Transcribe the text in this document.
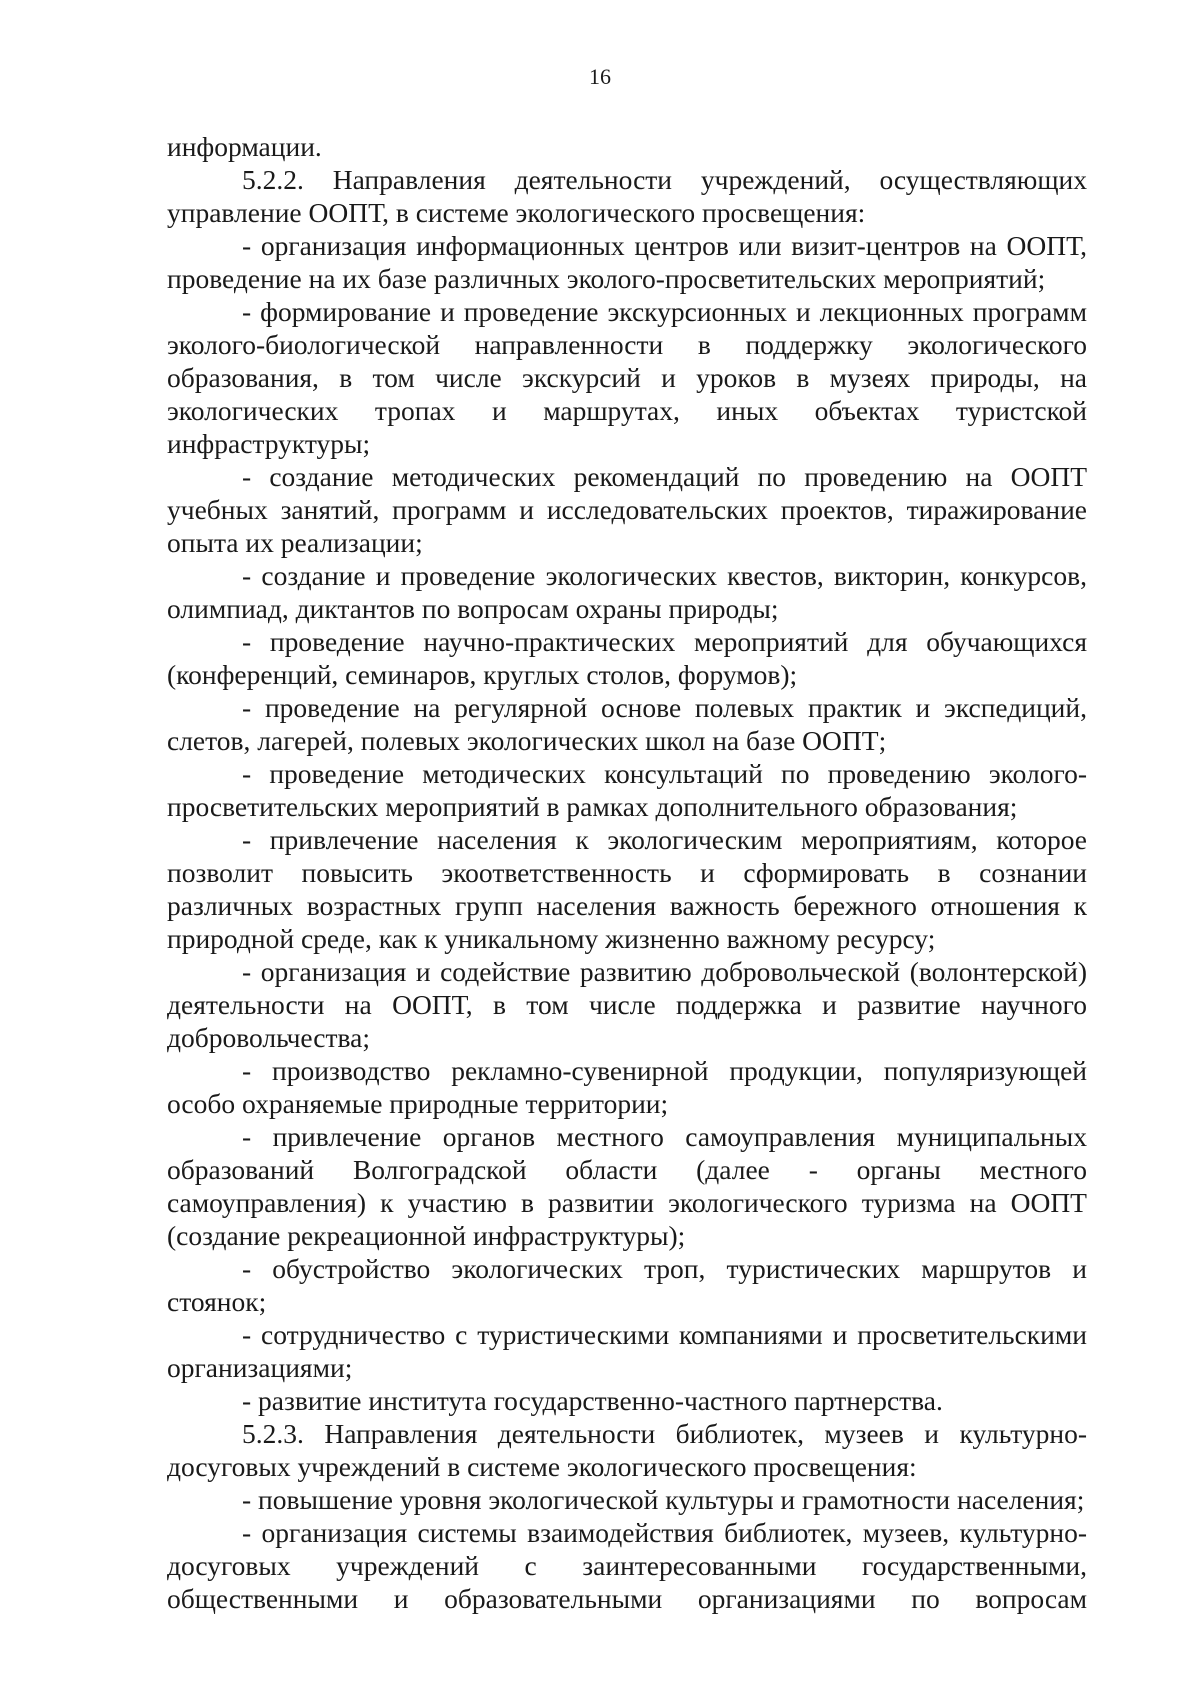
16

информации.

5.2.2. Направления деятельности учреждений, осуществляющих управление ООПТ, в системе экологического просвещения:

- организация информационных центров или визит-центров на ООПТ, проведение на их базе различных эколого-просветительских мероприятий;

- формирование и проведение экскурсионных и лекционных программ эколого-биологической направленности в поддержку экологического образования, в том числе экскурсий и уроков в музеях природы, на экологических тропах и маршрутах, иных объектах туристской инфраструктуры;

- создание методических рекомендаций по проведению на ООПТ учебных занятий, программ и исследовательских проектов, тиражирование опыта их реализации;

- создание и проведение экологических квестов, викторин, конкурсов, олимпиад, диктантов по вопросам охраны природы;

- проведение научно-практических мероприятий для обучающихся (конференций, семинаров, круглых столов, форумов);

- проведение на регулярной основе полевых практик и экспедиций, слетов, лагерей, полевых экологических школ на базе ООПТ;

- проведение методических консультаций по проведению эколого-просветительских мероприятий в рамках дополнительного образования;

- привлечение населения к экологическим мероприятиям, которое позволит повысить экоответственность и сформировать в сознании различных возрастных групп населения важность бережного отношения к природной среде, как к уникальному жизненно важному ресурсу;

- организация и содействие развитию добровольческой (волонтерской) деятельности на ООПТ, в том числе поддержка и развитие научного добровольчества;

- производство рекламно-сувенирной продукции, популяризующей особо охраняемые природные территории;

- привлечение органов местного самоуправления муниципальных образований Волгоградской области (далее - органы местного самоуправления) к участию в развитии экологического туризма на ООПТ (создание рекреационной инфраструктуры);

- обустройство экологических троп, туристических маршрутов и стоянок;

- сотрудничество с туристическими компаниями и просветительскими организациями;

- развитие института государственно-частного партнерства.

5.2.3. Направления деятельности библиотек, музеев и культурно-досуговых учреждений в системе экологического просвещения:

- повышение уровня экологической культуры и грамотности населения;

- организация системы взаимодействия библиотек, музеев, культурно-досуговых учреждений с заинтересованными государственными, общественными и образовательными организациями по вопросам
